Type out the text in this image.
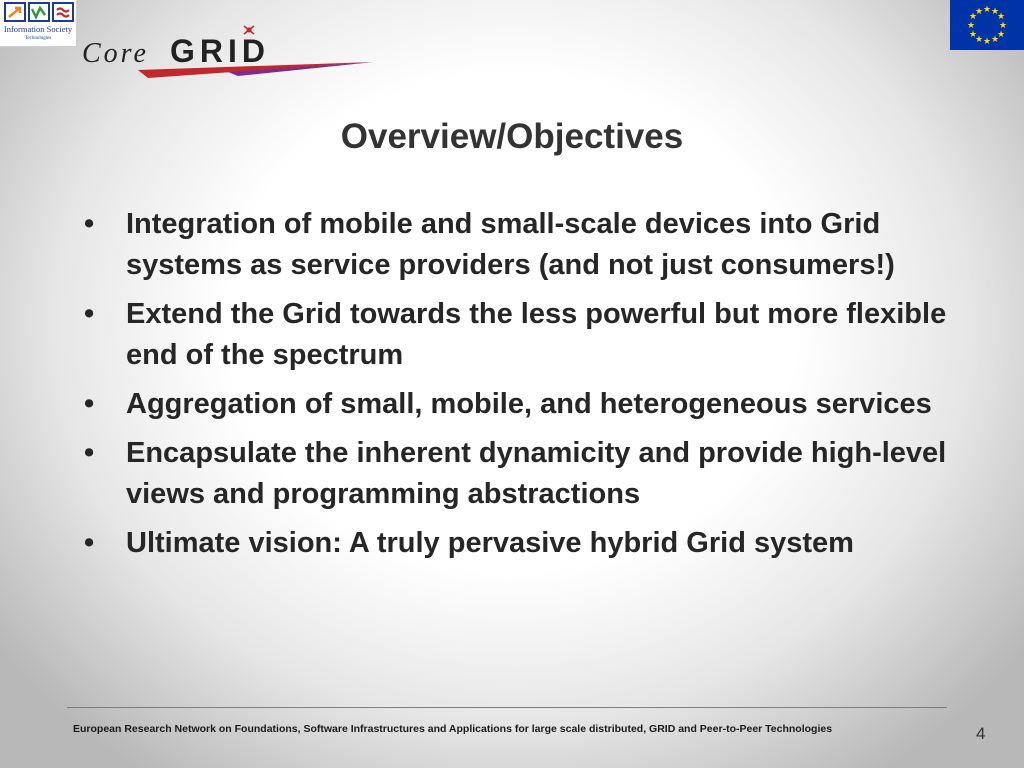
Information Society
Technologies	Core GRID
★ ★
★
★
★
★
★
★
★
★
★
★
Overview/Objectives
• Integration of mobile and small-scale devices into Grid systems as service providers (and not just consumers!)
• Extend the Grid towards the less powerful but more flexible end of the spectrum
• Aggregation of small, mobile, and heterogeneous services
• Encapsulate the inherent dynamicity and provide high-level views and programming abstractions
• Ultimate vision: A truly pervasive hybrid Grid system
European Research Network on Foundations, Software Infrastructures and Applications for large scale distributed, GRID and Peer-to-Peer Technologies	4
